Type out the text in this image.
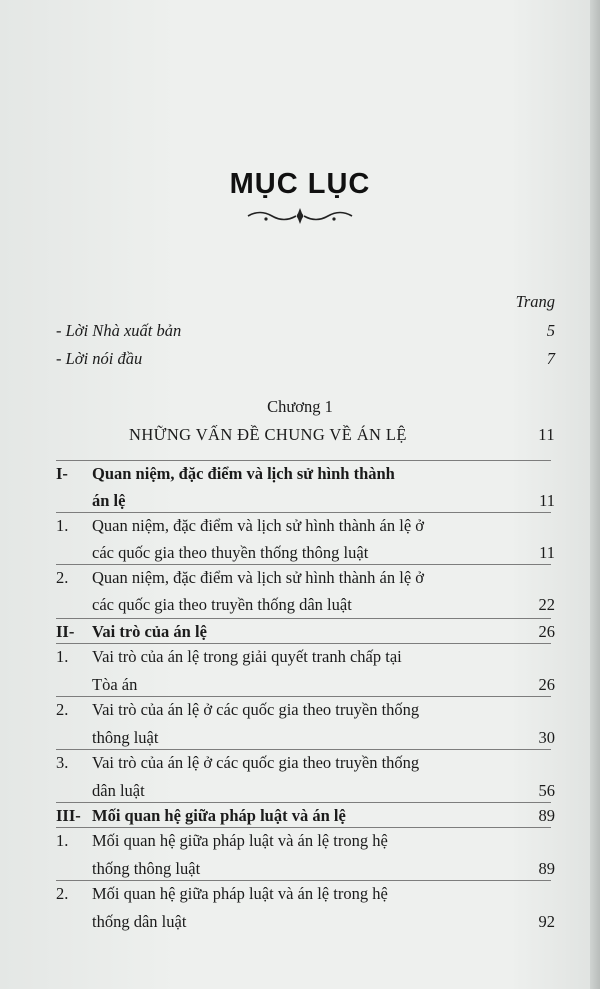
MỤC LỤC
Trang
- Lời Nhà xuất bản	5
- Lời nói đầu	7
Chương 1
NHỮNG VẤN ĐỀ CHUNG VỀ ÁN LỆ	11
I- Quan niệm, đặc điểm và lịch sử hình thành
án lệ	11
1. Quan niệm, đặc điểm và lịch sử hình thành án lệ ở
các quốc gia theo thuyền thống thông luật	11
2. Quan niệm, đặc điểm và lịch sử hình thành án lệ ở
các quốc gia theo truyền thống dân luật	22
II- Vai trò của án lệ	26
1. Vai trò của án lệ trong giải quyết tranh chấp tại
Tòa án	26
2. Vai trò của án lệ ở các quốc gia theo truyền thống
thông luật	30
3. Vai trò của án lệ ở các quốc gia theo truyền thống
dân luật	56
III- Mối quan hệ giữa pháp luật và án lệ	89
1. Mối quan hệ giữa pháp luật và án lệ trong hệ
thống thông luật	89
2. Mối quan hệ giữa pháp luật và án lệ trong hệ
thống dân luật	92
